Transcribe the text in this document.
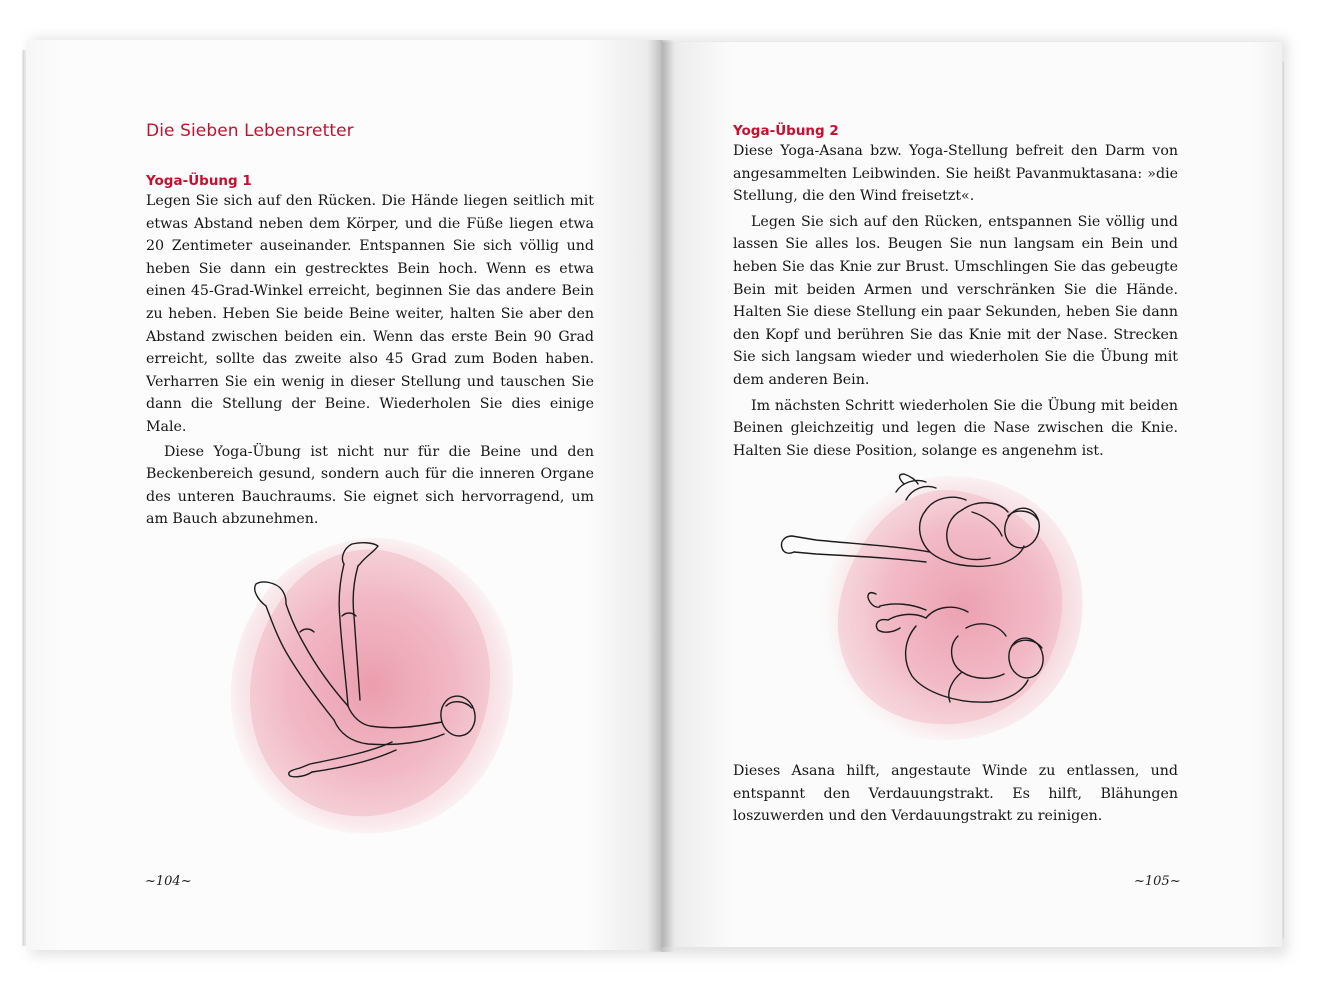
Die Sieben Lebensretter
Yoga-Übung 1

Legen Sie sich auf den Rücken. Die Hände liegen seitlich mit etwas Abstand neben dem Körper, und die Füße liegen etwa 20 Zentimeter auseinander. Entspannen Sie sich völlig und heben Sie dann ein gestrecktes Bein hoch. Wenn es etwa einen 45-Grad-Winkel erreicht, beginnen Sie das andere Bein zu heben. Heben Sie beide Beine weiter, halten Sie aber den Abstand zwischen beiden ein. Wenn das erste Bein 90 Grad erreicht, sollte das zweite also 45 Grad zum Boden haben. Verharren Sie ein wenig in dieser Stellung und tauschen Sie dann die Stellung der Beine. Wiederholen Sie dies einige Male.

Diese Yoga-Übung ist nicht nur für die Beine und den Beckenbereich gesund, sondern auch für die inneren Organe des unteren Bauchraums. Sie eignet sich hervorragend, um am Bauch abzunehmen.

~104~
Yoga-Übung 2

Diese Yoga-Asana bzw. Yoga-Stellung befreit den Darm von angesammelten Leibwinden. Sie heißt Pavanmuktasana: »die Stellung, die den Wind freisetzt«.

Legen Sie sich auf den Rücken, entspannen Sie völlig und lassen Sie alles los. Beugen Sie nun langsam ein Bein und heben Sie das Knie zur Brust. Umschlingen Sie das gebeugte Bein mit beiden Armen und verschränken Sie die Hände. Halten Sie diese Stellung ein paar Sekunden, heben Sie dann den Kopf und berühren Sie das Knie mit der Nase. Strecken Sie sich langsam wieder und wiederholen Sie die Übung mit dem anderen Bein.

Im nächsten Schritt wiederholen Sie die Übung mit beiden Beinen gleichzeitig und legen die Nase zwischen die Knie. Halten Sie diese Position, solange es angenehm ist.

Dieses Asana hilft, angestaute Winde zu entlassen, und entspannt den Verdauungstrakt. Es hilft, Blähungen loszuwerden und den Verdauungstrakt zu reinigen.

~105~
